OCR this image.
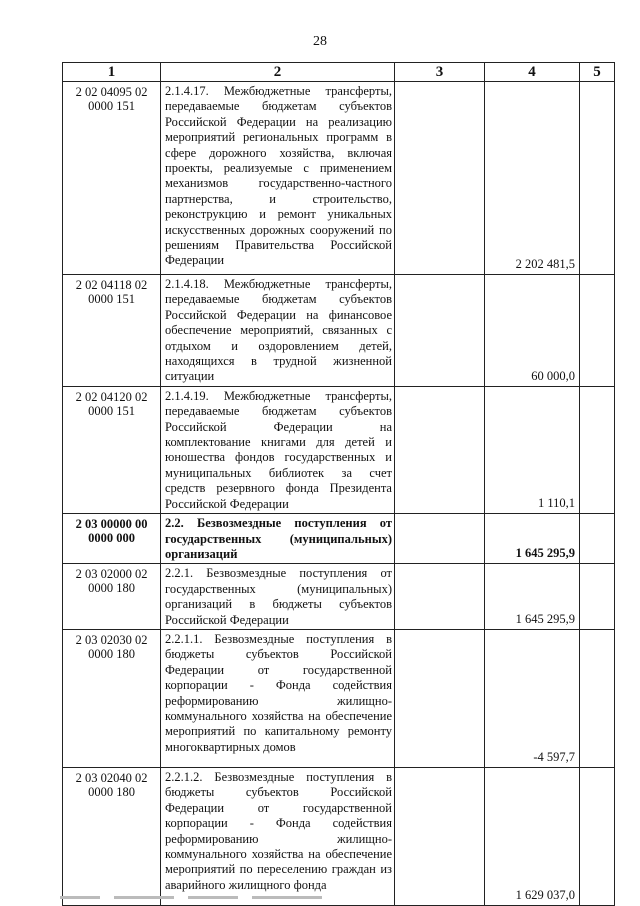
28
1	2	3	4	5
2 02 04095 02 0000 151	2.1.4.17. Межбюджетные трансферты, передаваемые бюджетам субъектов Российской Федерации на реализацию мероприятий региональных программ в сфере дорожного хозяйства, включая проекты, реализуемые с применением механизмов государственно-частного партнерства, и строительство, реконструкцию и ремонт уникальных искусственных дорожных сооружений по решениям Правительства Российской Федерации		2 202 481,5	
2 02 04118 02 0000 151	2.1.4.18. Межбюджетные трансферты, передаваемые бюджетам субъектов Российской Федерации на финансовое обеспечение мероприятий, связанных с отдыхом и оздоровлением детей, находящихся в трудной жизненной ситуации		60 000,0	
2 02 04120 02 0000 151	2.1.4.19. Межбюджетные трансферты, передаваемые бюджетам субъектов Российской Федерации на комплектование книгами для детей и юношества фондов государственных и муниципальных библиотек за счет средств резервного фонда Президента Российской Федерации		1 110,1	
2 03 00000 00 0000 000	2.2. Безвозмездные поступления от государственных (муниципальных) организаций		1 645 295,9	
2 03 02000 02 0000 180	2.2.1. Безвозмездные поступления от государственных (муниципальных) организаций в бюджеты субъектов Российской Федерации		1 645 295,9	
2 03 02030 02 0000 180	2.2.1.1. Безвозмездные поступления в бюджеты субъектов Российской Федерации от государственной корпорации - Фонда содействия реформированию жилищно-коммунального хозяйства на обеспечение мероприятий по капитальному ремонту многоквартирных домов		-4 597,7	
2 03 02040 02 0000 180	2.2.1.2. Безвозмездные поступления в бюджеты субъектов Российской Федерации от государственной корпорации - Фонда содействия реформированию жилищно-коммунального хозяйства на обеспечение мероприятий по переселению граждан из аварийного жилищного фонда		1 629 037,0	
